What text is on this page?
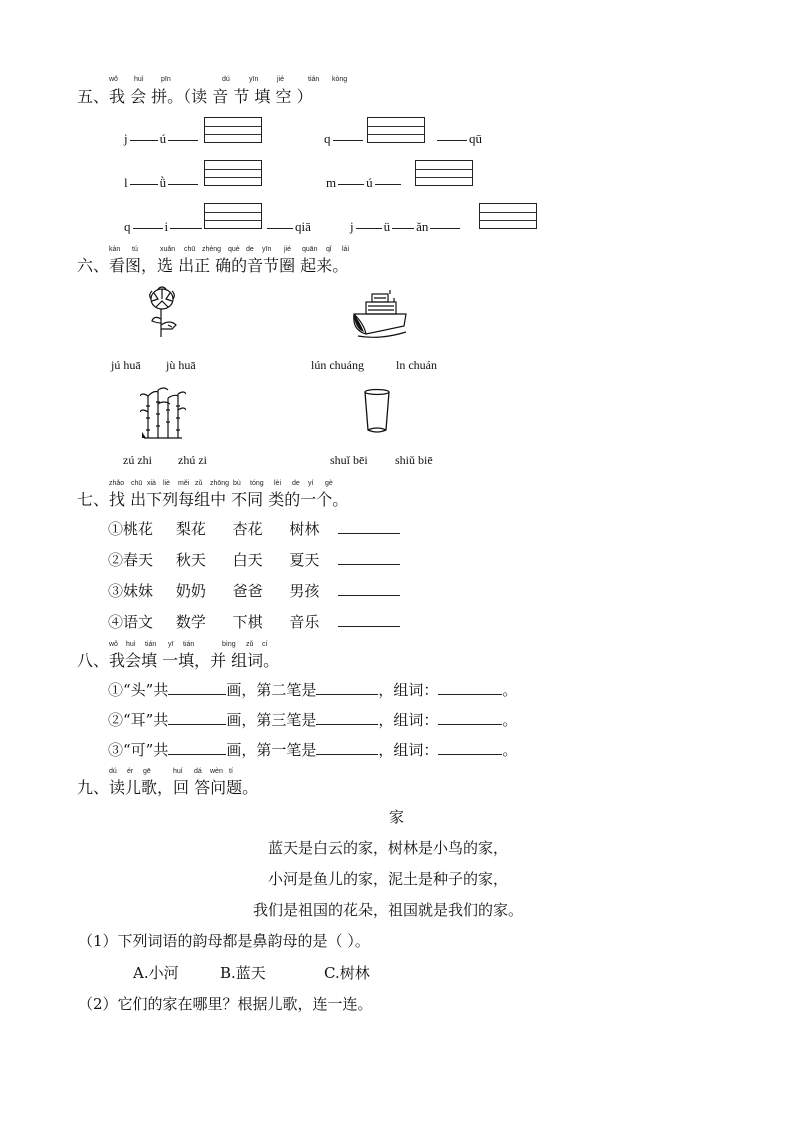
wǒ huì pīn	dú	yīn	jié	tián kòng
五、我 会 拼。（读 音 节 填 空 ）
j ú	q	qū
l ǜ	m ú
q	i	qiā	j ü ǎn
kàn tú	xuǎn chū zhèng què de yīn jié quān qǐ lái
六、看图，选 出正 确的音节圈 起来。
jú huā jù huā	lún chuáng	ln chuán
zú zhi zhú zi	shuǐ bēi shiǔ biē
zhǎo chū xià liè měi zǔ zhōng bù tóng lèi de yí gè
七、找 出下列每组中 不同 类的一个。
①桃花 梨花 杏花 树林
②春天 秋天 白天 夏天
③妹妹 奶奶 爸爸 男孩
④语文 数学 下棋 音乐
wǒ huì tián yī tián	bìng zǔ cí
八、我会填 一填，并 组词。
①“头”共	画，第二笔是	，组词：	。
②“耳”共	画，第三笔是	，组词：	。
③“可”共	画，第一笔是	，组词：	。
dú ér gē	huí dá wèn tí
九、读儿歌，回 答问题。
家
蓝天是白云的家，树林是小鸟的家，
小河是鱼儿的家，泥土是种子的家，
我们是祖国的花朵，祖国就是我们的家。
（1）下列词语的韵母都是鼻韵母的是（ ）。
A.小河	B.蓝天	C.树林
（2）它们的家在哪里？根据儿歌，连一连。
